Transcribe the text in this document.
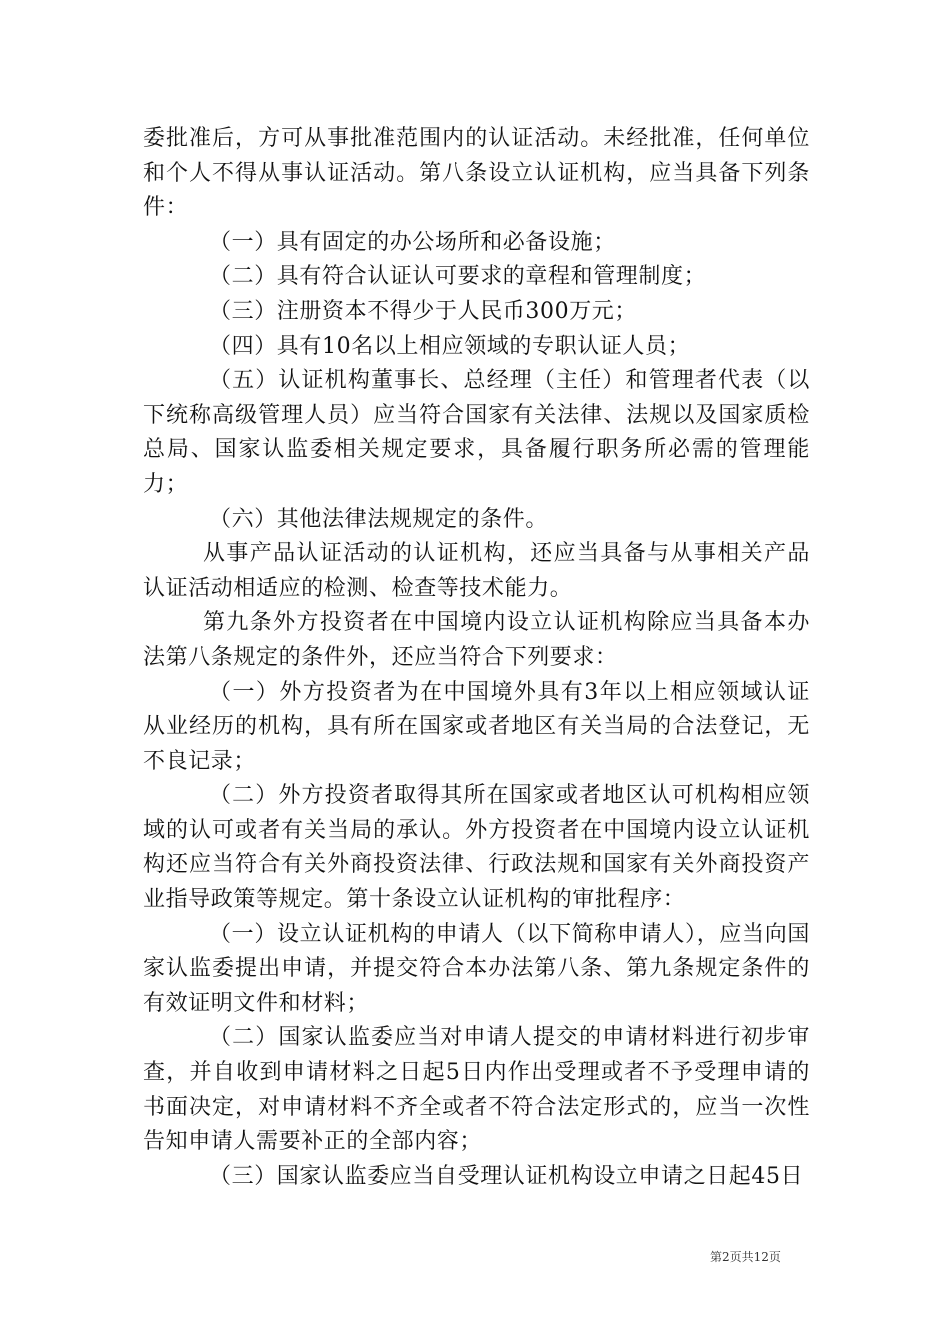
委批准后，方可从事批准范围内的认证活动。未经批准，任何单位和个人不得从事认证活动。第八条设立认证机构，应当具备下列条件：

（一）具有固定的办公场所和必备设施；

（二）具有符合认证认可要求的章程和管理制度；

（三）注册资本不得少于人民币300万元；

（四）具有10名以上相应领域的专职认证人员；

（五）认证机构董事长、总经理（主任）和管理者代表（以下统称高级管理人员）应当符合国家有关法律、法规以及国家质检总局、国家认监委相关规定要求，具备履行职务所必需的管理能力；

（六）其他法律法规规定的条件。

从事产品认证活动的认证机构，还应当具备与从事相关产品认证活动相适应的检测、检查等技术能力。

第九条外方投资者在中国境内设立认证机构除应当具备本办法第八条规定的条件外，还应当符合下列要求：

（一）外方投资者为在中国境外具有3年以上相应领域认证从业经历的机构，具有所在国家或者地区有关当局的合法登记，无不良记录；

（二）外方投资者取得其所在国家或者地区认可机构相应领域的认可或者有关当局的承认。外方投资者在中国境内设立认证机构还应当符合有关外商投资法律、行政法规和国家有关外商投资产业指导政策等规定。第十条设立认证机构的审批程序：

（一）设立认证机构的申请人（以下简称申请人），应当向国家认监委提出申请，并提交符合本办法第八条、第九条规定条件的有效证明文件和材料；

（二）国家认监委应当对申请人提交的申请材料进行初步审查，并自收到申请材料之日起5日内作出受理或者不予受理申请的书面决定，对申请材料不齐全或者不符合法定形式的，应当一次性告知申请人需要补正的全部内容；

（三）国家认监委应当自受理认证机构设立申请之日起45日

第2页共12页
